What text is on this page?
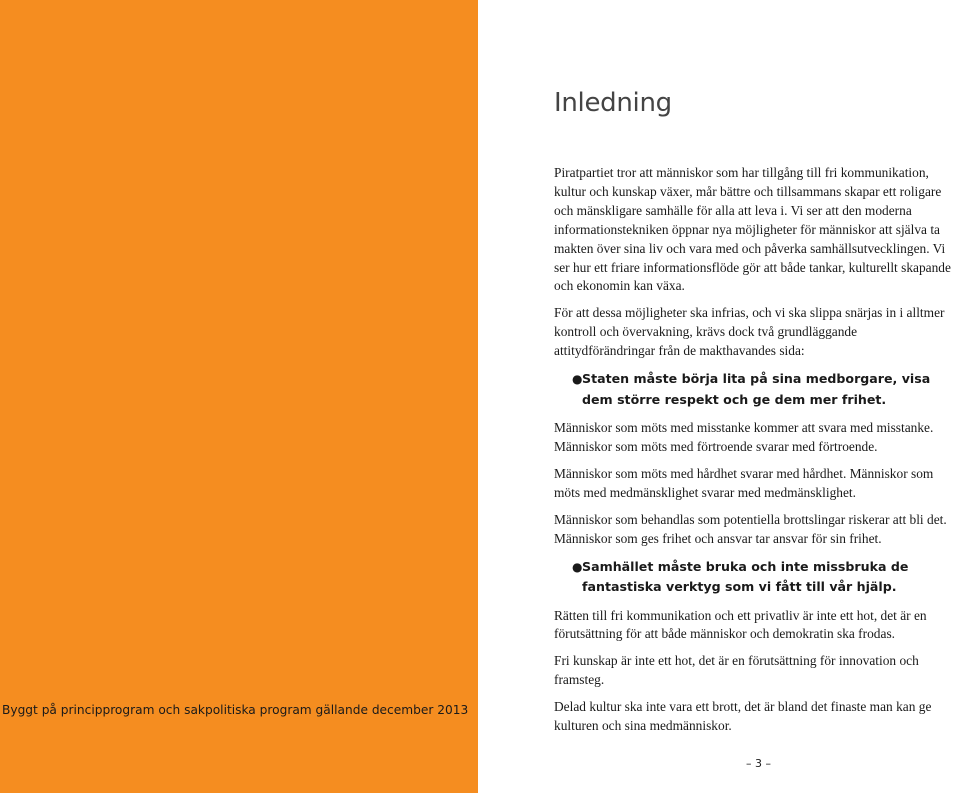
Byggt på principprogram och sakpolitiska program gällande december 2013
Inledning

Piratpartiet tror att människor som har tillgång till fri kommunikation, kultur och kunskap växer, mår bättre och tillsammans skapar ett roligare och mänskligare samhälle för alla att leva i. Vi ser att den moderna informationstekniken öppnar nya möjligheter för människor att själva ta makten över sina liv och vara med och påverka samhällsutvecklingen. Vi ser hur ett friare informationsflöde gör att både tankar, kulturellt skapande och ekonomin kan växa.

För att dessa möjligheter ska infrias, och vi ska slippa snärjas in i alltmer kontroll och övervakning, krävs dock två grundläggande attitydförändringar från de makthavandes sida:

● Staten måste börja lita på sina medborgare, visa dem större respekt och ge dem mer frihet.

Människor som möts med misstanke kommer att svara med misstanke. Människor som möts med förtroende svarar med förtroende.

Människor som möts med hårdhet svarar med hårdhet. Människor som möts med medmänsklighet svarar med medmänsklighet.

Människor som behandlas som potentiella brottslingar riskerar att bli det. Människor som ges frihet och ansvar tar ansvar för sin frihet.

● Samhället måste bruka och inte missbruka de fantastiska verktyg som vi fått till vår hjälp.

Rätten till fri kommunikation och ett privatliv är inte ett hot, det är en förutsättning för att både människor och demokratin ska frodas.

Fri kunskap är inte ett hot, det är en förutsättning för innovation och framsteg.

Delad kultur ska inte vara ett brott, det är bland det finaste man kan ge kulturen och sina medmänniskor.

– 3 –
